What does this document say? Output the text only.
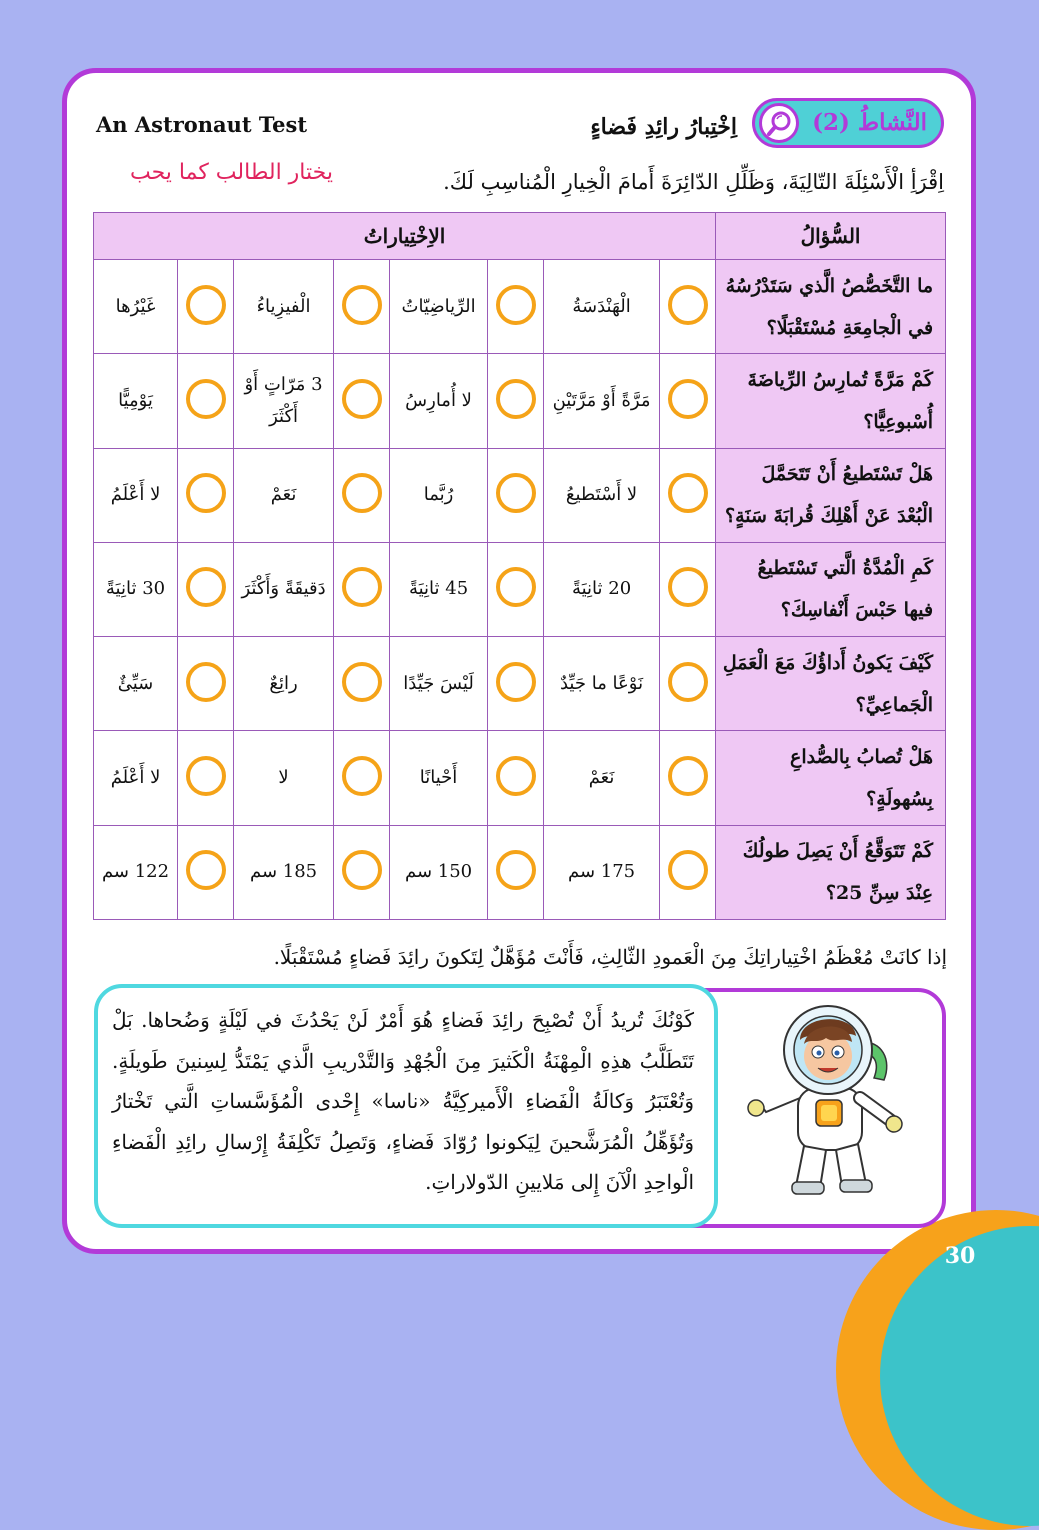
30
An Astronaut Test	النَّشاطُ (2)
اِخْتِبارُ رائِدِ فَضاءٍ
اِقْرَأِ الْأَسْئِلَةَ التّالِيَةَ، وَظَلِّلِ الدّائِرَةَ أَمامَ الْخِيارِ الْمُناسِبِ لَكَ.
يختار الطالب كما يحب
السُّؤالُ	الاِخْتِياراتُ							
ما التَّخَصُّصُ الَّذي سَتَدْرُسُهُ في الْجامِعَةِ مُسْتَقْبَلًا؟		الْهَنْدَسَةُ		الرِّياضِيّاتُ		الْفيزِياءُ		غَيْرُها
كَمْ مَرَّةً تُمارِسُ الرِّياضَةَ أُسْبوعِيًّا؟		مَرَّةً أَوْ مَرَّتَيْنِ		لا أُمارِسُ		3 مَرّاتٍ أَوْ أَكْثَرَ		يَوْمِيًّا
هَلْ تَسْتَطيعُ أَنْ تَتَحَمَّلَ الْبُعْدَ عَنْ أَهْلِكَ قُرابَةَ سَنَةٍ؟		لا أَسْتَطيعُ		رُبَّما		نَعَمْ		لا أَعْلَمُ
كَمِ الْمُدَّةُ الَّتي تَسْتَطيعُ فيها حَبْسَ أَنْفاسِكَ؟		20 ثانِيَةً		45 ثانِيَةً		دَقيقَةً وَأَكْثَرَ		30 ثانِيَةً
كَيْفَ يَكونُ أَداؤُكَ مَعَ الْعَمَلِ الْجَماعِيِّ؟		نَوْعًا ما جَيِّدٌ		لَيْسَ جَيِّدًا		رائِعٌ		سَيِّئٌ
هَلْ تُصابُ بِالصُّداعِ بِسُهولَةٍ؟		نَعَمْ		أَحْيانًا		لا		لا أَعْلَمُ
كَمْ تَتَوَقَّعُ أَنْ يَصِلَ طولُكَ عِنْدَ سِنِّ 25؟		175 سم		150 سم		185 سم		122 سم
إذا كانَتْ مُعْظَمُ اخْتِياراتِكَ مِنَ الْعَمودِ الثّالِثِ، فَأَنْتَ مُؤَهَّلٌ لِتَكونَ رائِدَ فَضاءٍ مُسْتَقْبَلًا.
كَوْنُكَ تُريدُ أَنْ تُصْبِحَ رائِدَ فَضاءٍ هُوَ أَمْرٌ لَنْ يَحْدُثَ في لَيْلَةٍ وَضُحاها. بَلْ تَتَطَلَّبُ هذِهِ الْمِهْنَةُ الْكَثيرَ مِنَ الْجُهْدِ وَالتَّدْريبِ الَّذي يَمْتَدُّ لِسِنينَ طَويلَةٍ. وَتُعْتَبَرُ وَكالَةُ الْفَضاءِ الْأَميركِيَّةُ «ناسا» إِحْدى الْمُؤَسَّساتِ الَّتي تَخْتارُ وَتُؤَهِّلُ الْمُرَشَّحينَ لِيَكونوا رُوّادَ فَضاءٍ، وَتَصِلُ تَكْلِفَةُ إِرْسالِ رائِدِ الْفَضاءِ الْواحِدِ الْآنَ إِلى مَلايينِ الدّولاراتِ.
